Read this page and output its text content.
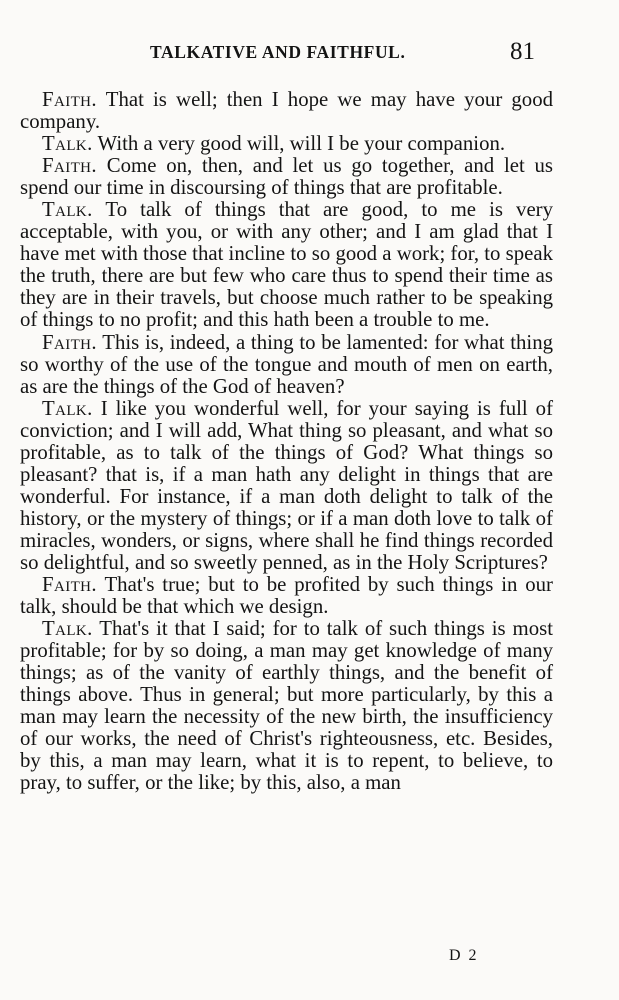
TALKATIVE AND FAITHFUL.	81

Faith. That is well; then I hope we may have your good company.

Talk. With a very good will, will I be your companion.

Faith. Come on, then, and let us go together, and let us spend our time in discoursing of things that are profitable.

Talk. To talk of things that are good, to me is very acceptable, with you, or with any other; and I am glad that I have met with those that incline to so good a work; for, to speak the truth, there are but few who care thus to spend their time as they are in their travels, but choose much rather to be speaking of things to no profit; and this hath been a trouble to me.

Faith. This is, indeed, a thing to be lamented: for what thing so worthy of the use of the tongue and mouth of men on earth, as are the things of the God of heaven?

Talk. I like you wonderful well, for your saying is full of conviction; and I will add, What thing so pleasant, and what so profitable, as to talk of the things of God? What things so pleasant? that is, if a man hath any delight in things that are wonderful. For instance, if a man doth delight to talk of the history, or the mystery of things; or if a man doth love to talk of miracles, wonders, or signs, where shall he find things recorded so delightful, and so sweetly penned, as in the Holy Scriptures?

Faith. That's true; but to be profited by such things in our talk, should be that which we design.

Talk. That's it that I said; for to talk of such things is most profitable; for by so doing, a man may get knowledge of many things; as of the vanity of earthly things, and the benefit of things above. Thus in general; but more particularly, by this a man may learn the necessity of the new birth, the insufficiency of our works, the need of Christ's righteousness, etc. Besides, by this, a man may learn, what it is to repent, to believe, to pray, to suffer, or the like; by this, also, a man

D 2
